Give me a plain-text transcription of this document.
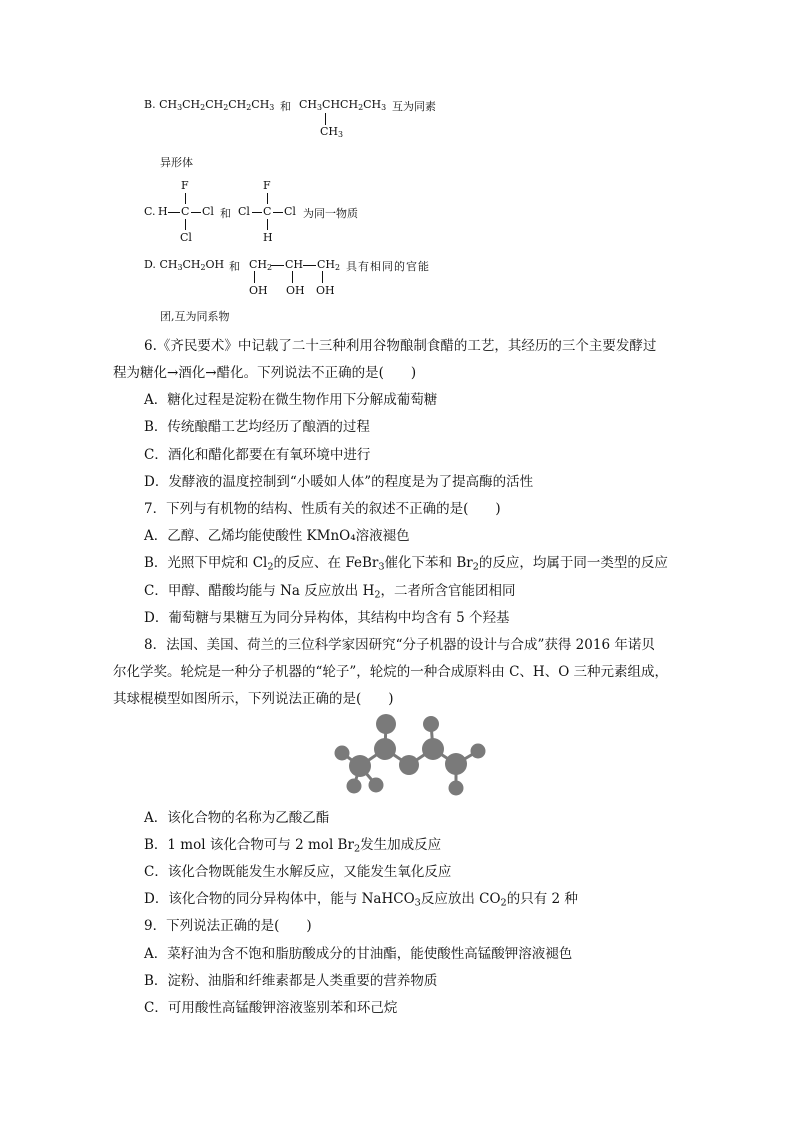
B. $CH_3CH_2CH_2CH_2CH_3$ 和 $CH_3CHCH_2CH_3$
$CH_3$
互为同素
异形体
C.
F
H C Cl
Cl
和
F
Cl C Cl
H
为同一物质
D. $CH_3CH_2OH$ 和 $CH_2$ CH $CH_2$
OH OH OH
具有相同的官能
团,互为同系物
6.《齐民要术》中记载了二十三种利用谷物酿制食醋的工艺，其经历的三个主要发酵过
程为糖化→酒化→醋化。下列说法不正确的是(　　)
A．糖化过程是淀粉在微生物作用下分解成葡萄糖
B．传统酿醋工艺均经历了酿酒的过程
C．酒化和醋化都要在有氧环境中进行
D．发酵液的温度控制到“小暖如人体”的程度是为了提高酶的活性
7．下列与有机物的结构、性质有关的叙述不正确的是(　　)
A．乙醇、乙烯均能使酸性 KMnO₄溶液褪色
B．光照下甲烷和 $Cl_2$的反应、在 FeBr$_3$催化下苯和 $Br_2$的反应，均属于同一类型的反应
C．甲醇、醋酸均能与 Na 反应放出 $H_2$，二者所含官能团相同
D．葡萄糖与果糖互为同分异构体，其结构中均含有 5 个羟基
8．法国、美国、荷兰的三位科学家因研究“分子机器的设计与合成”获得 2016 年诺贝
尔化学奖。轮烷是一种分子机器的“轮子”，轮烷的一种合成原料由 C、H、O 三种元素组成，
其球棍模型如图所示，下列说法正确的是(　　)
A．该化合物的名称为乙酸乙酯
B．1 mol 该化合物可与 2 mol $Br_2$发生加成反应
C．该化合物既能发生水解反应，又能发生氧化反应
D．该化合物的同分异构体中，能与 NaHCO$_3$反应放出 $CO_2$的只有 2 种
9．下列说法正确的是(　　)
A．菜籽油为含不饱和脂肪酸成分的甘油酯，能使酸性高锰酸钾溶液褪色
B．淀粉、油脂和纤维素都是人类重要的营养物质
C．可用酸性高锰酸钾溶液鉴别苯和环己烷
